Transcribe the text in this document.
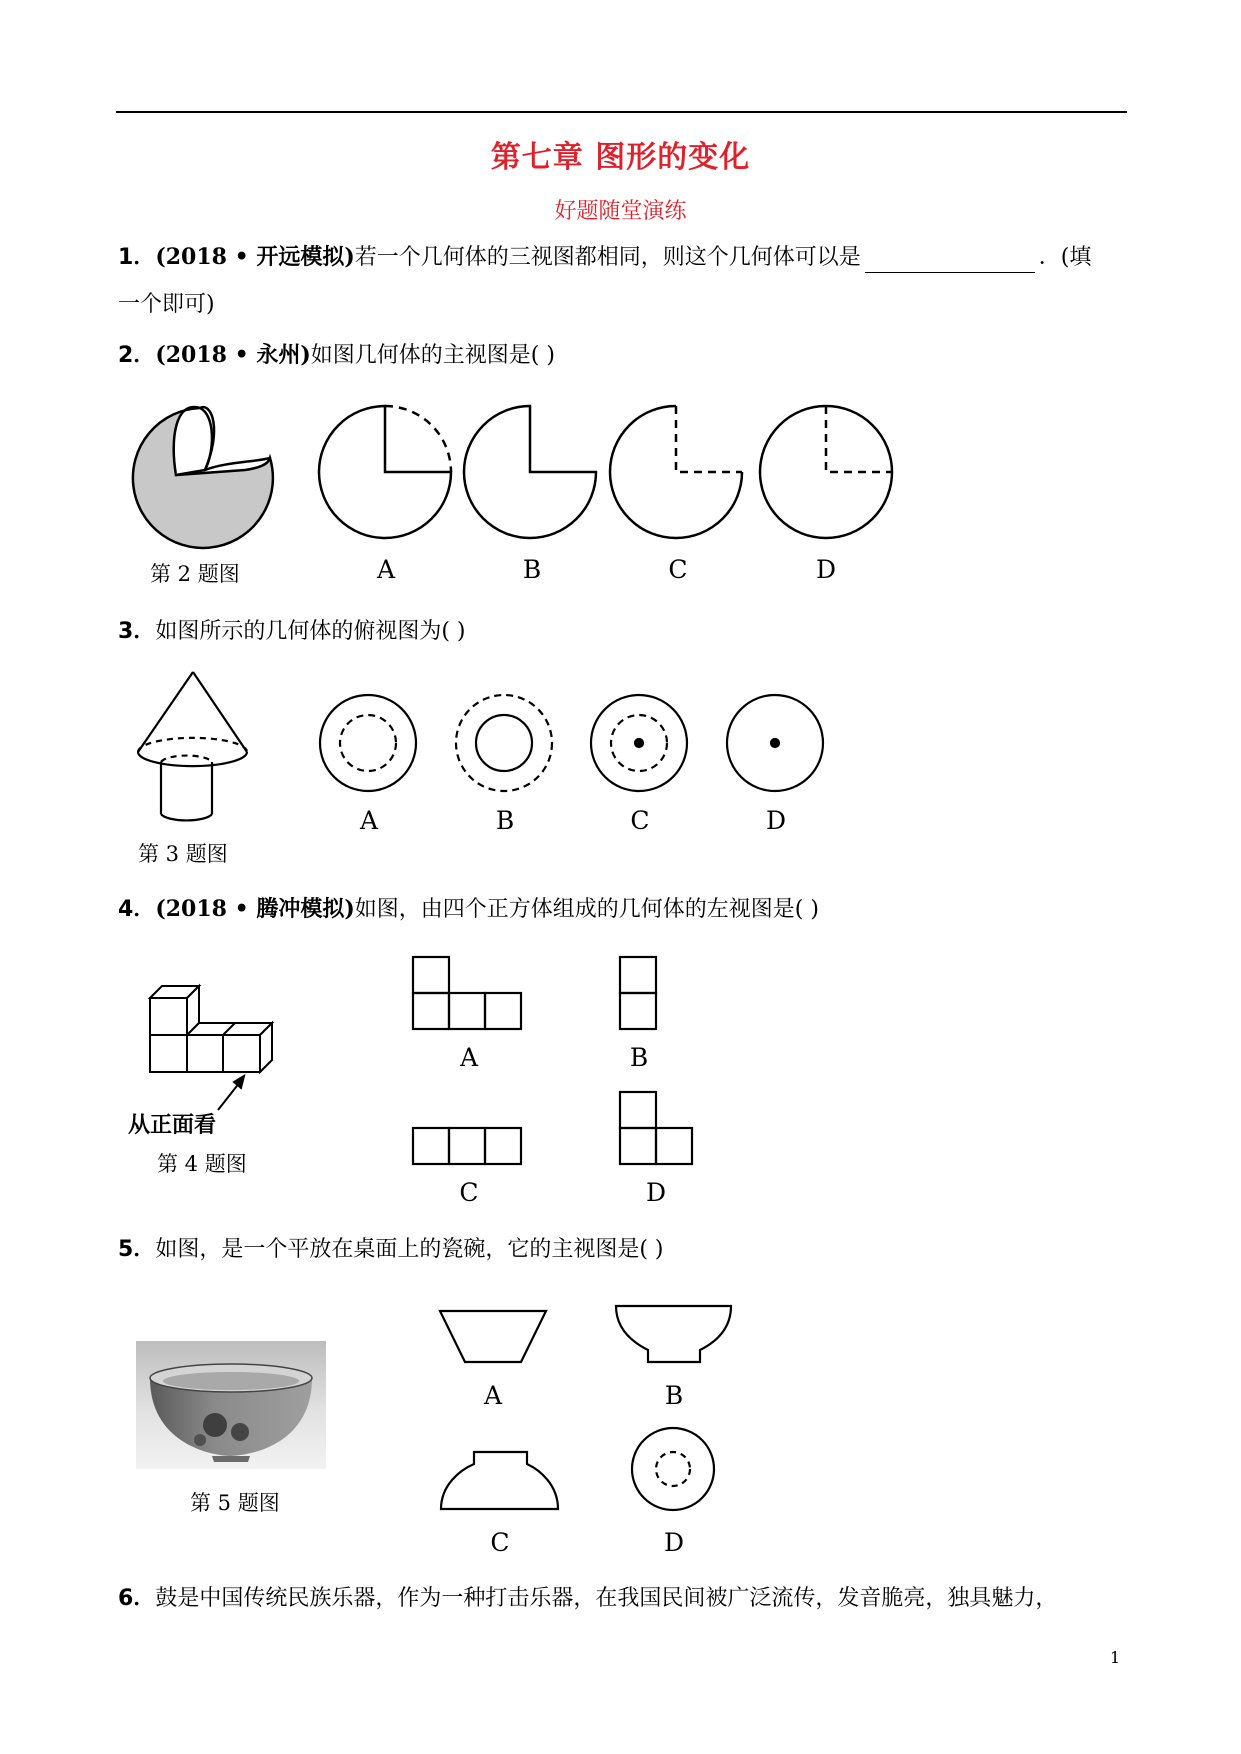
第七章 图形的变化
好题随堂演练
1．(2018 • 开远模拟)若一个几何体的三视图都相同，则这个几何体可以是	．(填
一个即可)
2．(2018 • 永州)如图几何体的主视图是( )
第 2 题图	A	B	C	D
3．如图所示的几何体的俯视图为( )
第 3 题图
A	B	C	D
4．(2018 • 腾冲模拟)如图，由四个正方体组成的几何体的左视图是( )
从正面看
第 4 题图
A	B
C	D
5．如图，是一个平放在桌面上的瓷碗，它的主视图是( )
第 5 题图
A	B
C	D
6．鼓是中国传统民族乐器，作为一种打击乐器，在我国民间被广泛流传，发音脆亮，独具魅力，
1
